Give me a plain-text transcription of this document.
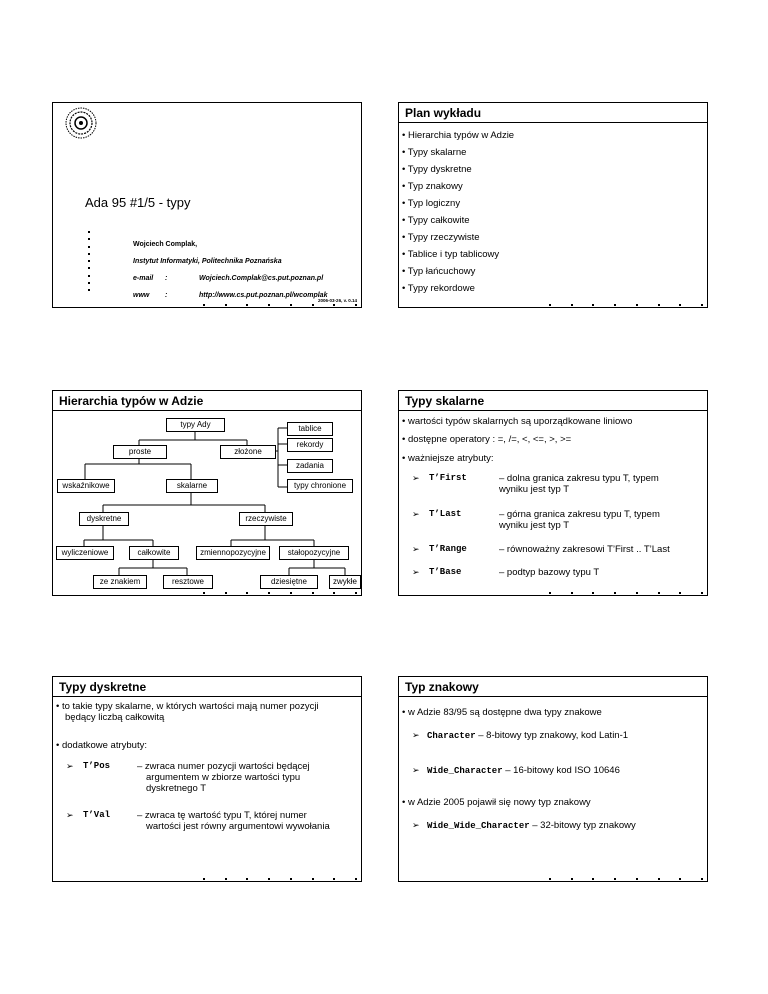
Ada 95 #1/5 - typy
Wojciech Complak,
Instytut Informatyki, Politechnika Poznańska
e-mail :	Wojciech.Complak@cs.put.poznan.pl
www :	http://www.cs.put.poznan.pl/wcomplak
2006-03-26, v. 0.14
Plan wykładu
• Hierarchia typów w Adzie
• Typy skalarne
• Typy dyskretne
• Typ znakowy
• Typ logiczny
• Typy całkowite
• Typy rzeczywiste
• Tablice i typ tablicowy
• Typ łańcuchowy
• Typy rekordowe
Hierarchia typów w Adzie
typy Ady	tablice
rekordy
proste	złożone
zadania
wskaźnikowe	skalarne	typy chronione
dyskretne	rzeczywiste
wyliczeniowe	całkowite	zmiennopozycyjne	stałopozycyjne
ze znakiem	resztowe	dziesiętne	zwykłe
Typy skalarne
• wartości typów skalarnych są uporządkowane liniowo
• dostępne operatory : =, /=, <, <=, >, >=
• ważniejsze atrybuty:
➢ T’First	– dolna granica zakresu typu T, typem wyniku jest typ T
➢ T’Last	– górna granica zakresu typu T, typem wyniku jest typ T
➢ T’Range	– równoważny zakresowi T’First .. T’Last
➢ T’Base	– podtyp bazowy typu T
Typy dyskretne
• to takie typy skalarne, w których wartości mają numer pozycji
będący liczbą całkowitą
• dodatkowe atrybuty:
➢ T’Pos	– zwraca numer pozycji wartości będącej
argumentem w zbiorze wartości typu
dyskretnego T
➢ T’Val	– zwraca tę wartość typu T, której numer
wartości jest równy argumentowi wywołania
Typ znakowy
• w Adzie 83/95 są dostępne dwa typy znakowe
➢ Character – 8-bitowy typ znakowy, kod Latin-1
➢ Wide_Character – 16-bitowy kod ISO 10646
• w Adzie 2005 pojawił się nowy typ znakowy
➢ Wide_Wide_Character – 32-bitowy typ znakowy
